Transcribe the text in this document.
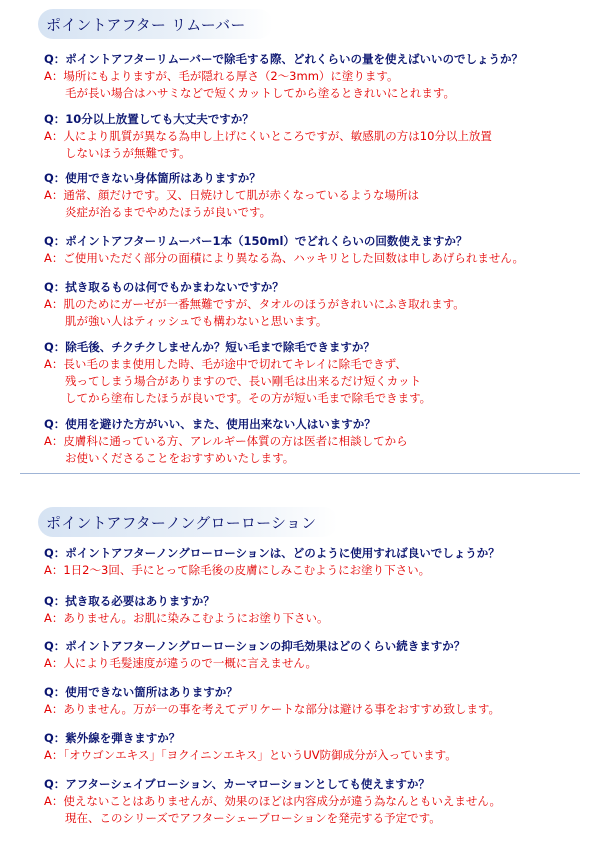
ポイントアフター リムーバー
Q：ポイントアフターリムーバーで除毛する際、どれくらいの量を使えばいいのでしょうか？
A：場所にもよりますが、毛が隠れる厚さ（2～3mm）に塗ります。
毛が長い場合はハサミなどで短くカットしてから塗るときれいにとれます。
Q：10分以上放置しても大丈夫ですか？
A：人により肌質が異なる為申し上げにくいところですが、敏感肌の方は10分以上放置
しないほうが無難です。
Q：使用できない身体箇所はありますか？
A：通常、顔だけです。又、日焼けして肌が赤くなっているような場所は
炎症が治るまでやめたほうが良いです。
Q：ポイントアフターリムーバー1本（150ml）でどれくらいの回数使えますか？
A：ご使用いただく部分の面積により異なる為、ハッキリとした回数は申しあげられません。
Q：拭き取るものは何でもかまわないですか？
A：肌のためにガーゼが一番無難ですが、タオルのほうがきれいにふき取れます。
肌が強い人はティッシュでも構わないと思います。
Q：除毛後、チクチクしませんか？短い毛まで除毛できますか？
A：長い毛のまま使用した時、毛が途中で切れてキレイに除毛できず、
残ってしまう場合がありますので、長い剛毛は出来るだけ短くカット
してから塗布したほうが良いです。その方が短い毛まで除毛できます。
Q：使用を避けた方がいい、また、使用出来ない人はいますか？
A：皮膚科に通っている方、アレルギー体質の方は医者に相談してから
お使いくださることをおすすめいたします。
ポイントアフターノングローローション
Q：ポイントアフターノングローローションは、どのように使用すれば良いでしょうか？
A：1日2～3回、手にとって除毛後の皮膚にしみこむようにお塗り下さい。
Q：拭き取る必要はありますか？
A：ありません。お肌に染みこむようにお塗り下さい。
Q：ポイントアフターノングローローションの抑毛効果はどのくらい続きますか？
A：人により毛髪速度が違うので一概に言えません。
Q：使用できない箇所はありますか？
A：ありません。万が一の事を考えてデリケートな部分は避ける事をおすすめ致します。
Q：紫外線を弾きますか？
A：「オウゴンエキス」「ヨクイニンエキス」というUV防御成分が入っています。
Q：アフターシェイブローション、カーマローションとしても使えますか？
A：使えないことはありませんが、効果のほどは内容成分が違う為なんともいえません。
現在、このシリーズでアフターシェーブローションを発売する予定です。
